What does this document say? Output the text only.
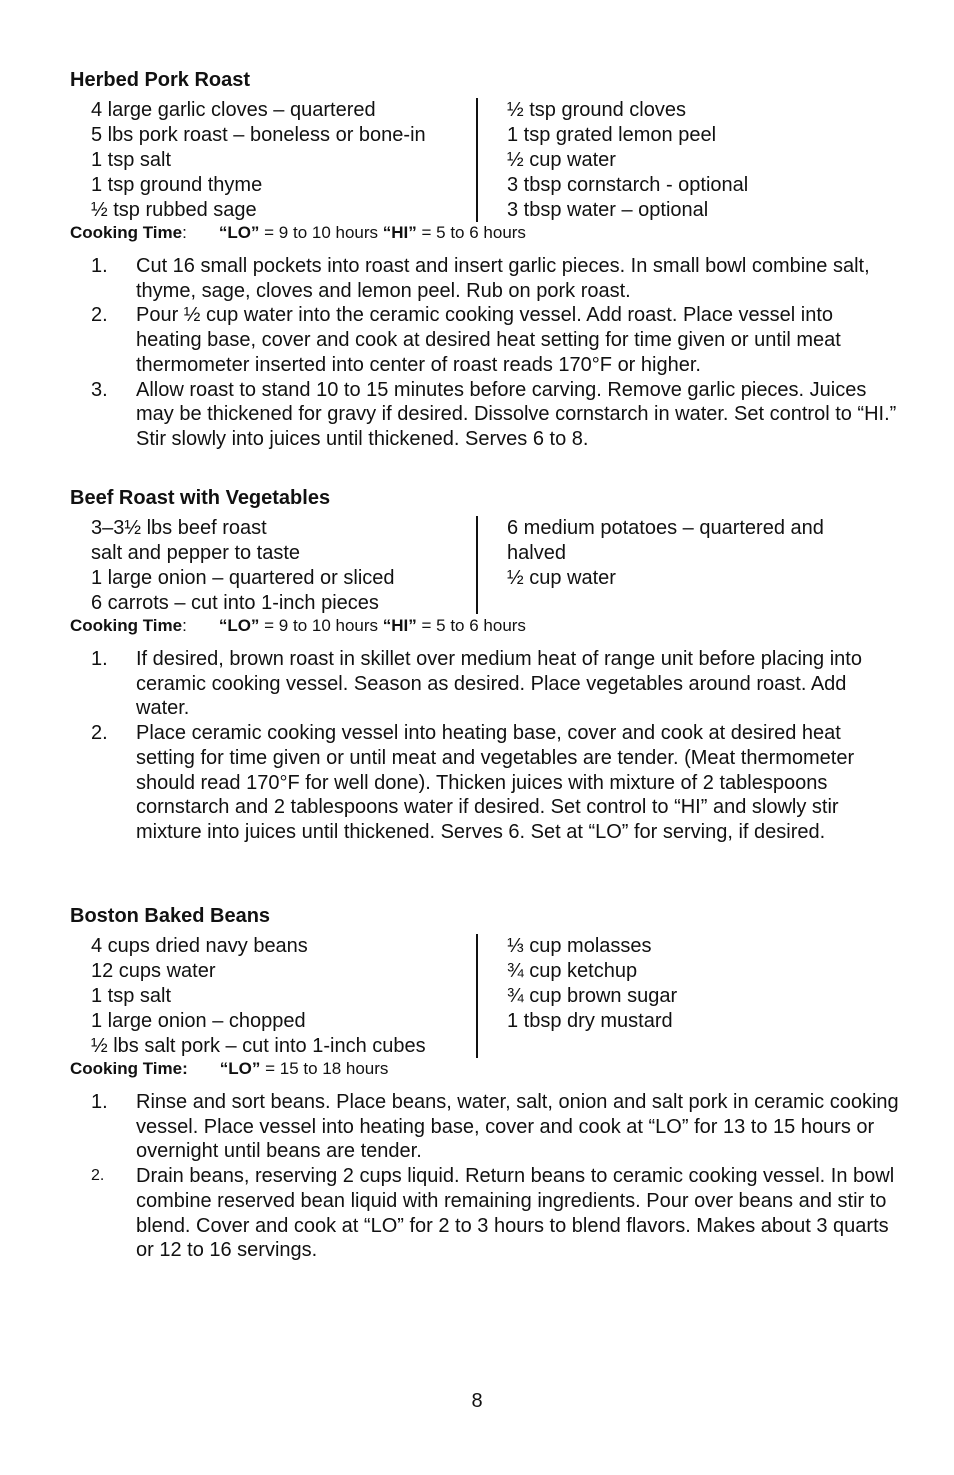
Herbed Pork Roast
4 large garlic cloves – quartered
5 lbs pork roast – boneless or bone-in
1 tsp salt
1 tsp ground thyme
½ tsp rubbed sage
½ tsp ground cloves
1 tsp grated lemon peel
½ cup water
3 tbsp cornstarch - optional
3 tbsp water – optional
Cooking Time: “LO” = 9 to 10 hours “HI” = 5 to 6 hours
1. Cut 16 small pockets into roast and insert garlic pieces. In small bowl combine salt, thyme, sage, cloves and lemon peel. Rub on pork roast.
2. Pour ½ cup water into the ceramic cooking vessel. Add roast. Place vessel into heating base, cover and cook at desired heat setting for time given or until meat thermometer inserted into center of roast reads 170°F or higher.
3. Allow roast to stand 10 to 15 minutes before carving. Remove garlic pieces. Juices may be thickened for gravy if desired. Dissolve cornstarch in water. Set control to “HI.” Stir slowly into juices until thickened. Serves 6 to 8.
Beef Roast with Vegetables
3–3½ lbs beef roast
salt and pepper to taste
1 large onion – quartered or sliced
6 carrots – cut into 1-inch pieces
6 medium potatoes – quartered and halved
½ cup water
Cooking Time: “LO” = 9 to 10 hours “HI” = 5 to 6 hours
1. If desired, brown roast in skillet over medium heat of range unit before placing into ceramic cooking vessel. Season as desired. Place vegetables around roast. Add water.
2. Place ceramic cooking vessel into heating base, cover and cook at desired heat setting for time given or until meat and vegetables are tender. (Meat thermometer should read 170°F for well done). Thicken juices with mixture of 2 tablespoons cornstarch and 2 tablespoons water if desired. Set control to “HI” and slowly stir mixture into juices until thickened. Serves 6. Set at “LO” for serving, if desired.
Boston Baked Beans
4 cups dried navy beans
12 cups water
1 tsp salt
1 large onion – chopped
½ lbs salt pork – cut into 1-inch cubes
⅓ cup molasses
¾ cup ketchup
¾ cup brown sugar
1 tbsp dry mustard
Cooking Time: “LO” = 15 to 18 hours
1. Rinse and sort beans. Place beans, water, salt, onion and salt pork in ceramic cooking vessel. Place vessel into heating base, cover and cook at “LO” for 13 to 15 hours or overnight until beans are tender.
2. Drain beans, reserving 2 cups liquid. Return beans to ceramic cooking vessel. In bowl combine reserved bean liquid with remaining ingredients. Pour over beans and stir to blend. Cover and cook at “LO” for 2 to 3 hours to blend flavors. Makes about 3 quarts or 12 to 16 servings.
8
